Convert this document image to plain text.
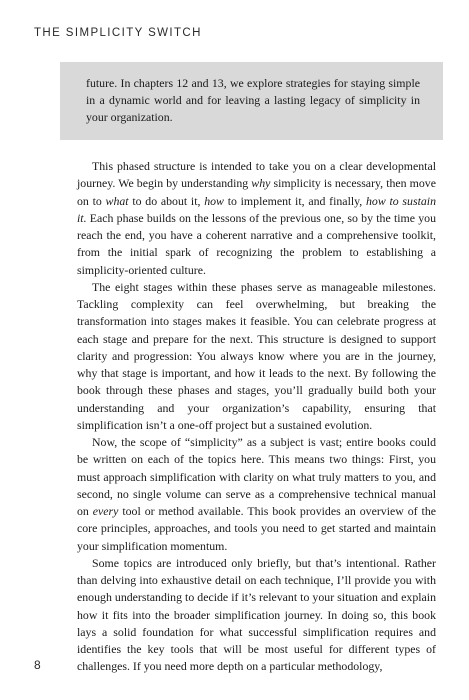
THE SIMPLICITY SWITCH

future. In chapters 12 and 13, we explore strategies for staying simple in a dynamic world and for leaving a lasting legacy of simplicity in your organization.

This phased structure is intended to take you on a clear developmental journey. We begin by understanding why simplicity is necessary, then move on to what to do about it, how to implement it, and finally, how to sustain it. Each phase builds on the lessons of the previous one, so by the time you reach the end, you have a coherent narrative and a comprehensive toolkit, from the initial spark of recognizing the problem to establishing a simplicity-oriented culture.

The eight stages within these phases serve as manageable milestones. Tackling complexity can feel overwhelming, but breaking the transformation into stages makes it feasible. You can celebrate progress at each stage and prepare for the next. This structure is designed to support clarity and progression: You always know where you are in the journey, why that stage is important, and how it leads to the next. By following the book through these phases and stages, you’ll gradually build both your understanding and your organization’s capability, ensuring that simplification isn’t a one-off project but a sustained evolution.

Now, the scope of “simplicity” as a subject is vast; entire books could be written on each of the topics here. This means two things: First, you must approach simplification with clarity on what truly matters to you, and second, no single volume can serve as a comprehensive technical manual on every tool or method available. This book provides an overview of the core principles, approaches, and tools you need to get started and maintain your simplification momentum.

Some topics are introduced only briefly, but that’s intentional. Rather than delving into exhaustive detail on each technique, I’ll provide you with enough understanding to decide if it’s relevant to your situation and explain how it fits into the broader simplification journey. In doing so, this book lays a solid foundation for what successful simplification requires and identifies the key tools that will be most useful for different types of challenges. If you need more depth on a particular methodology,

8
